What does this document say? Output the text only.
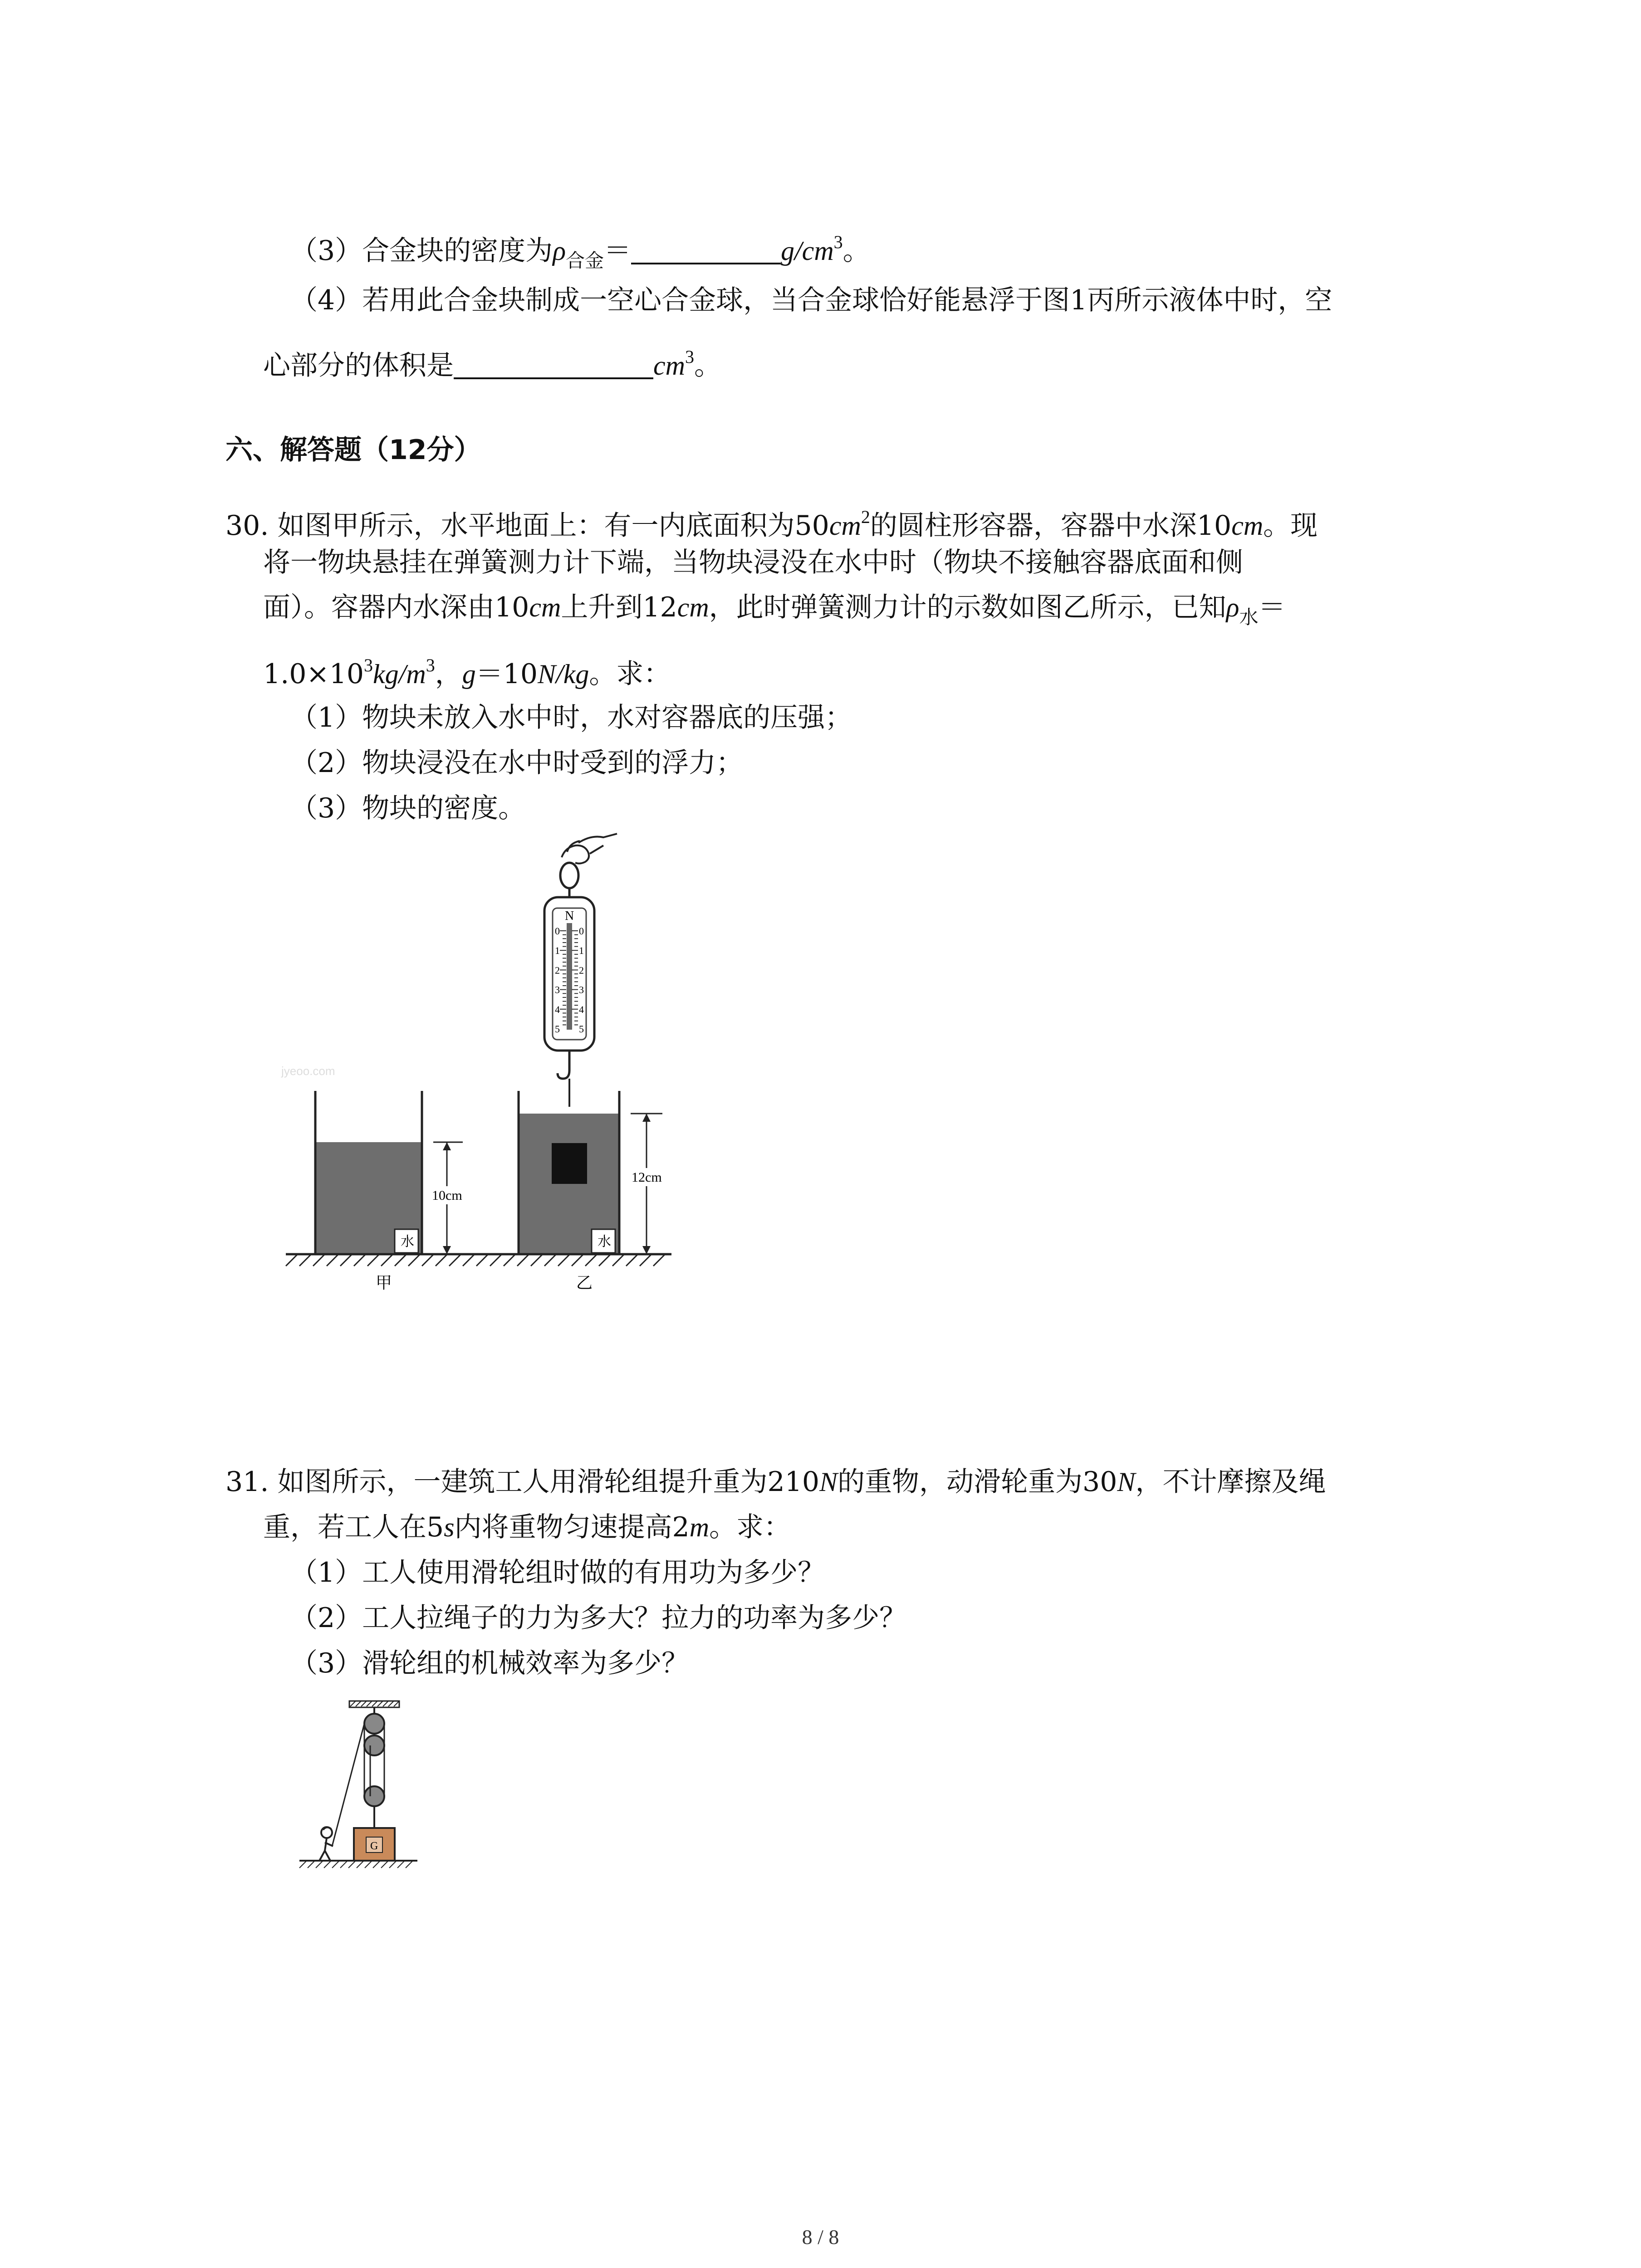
（3）合金块的密度为$\rho_{合金}=$	$g/cm^3$。
（4）若用此合金块制成一空心合金球，当合金球恰好能悬浮于图1丙所示液体中时，空
心部分的体积是	$cm^3$。
六、解答题（12分）
30. 如图甲所示，水平地面上：有一内底面积为$50cm^2$的圆柱形容器，容器中水深10cm。现
将一物块悬挂在弹簧测力计下端，当物块浸没在水中时（物块不接触容器底面和侧
面）。容器内水深由10cm上升到12cm，此时弹簧测力计的示数如图乙所示，已知$\rho_水=$
$1.0\times 10^3kg/m^3$，g＝10N/kg。求：
（1）物块未放入水中时，水对容器底的压强；
（2）物块浸没在水中时受到的浮力；
（3）物块的密度。
jyeoo.com
N
0 0
1 1
2 2
3 3
4 4
5 5
水
10cm
水
12cm
甲	乙
31. 如图所示，一建筑工人用滑轮组提升重为210N的重物，动滑轮重为30N，不计摩擦及绳
重，若工人在5s内将重物匀速提高2m。求：
（1）工人使用滑轮组时做的有用功为多少？
（2）工人拉绳子的力为多大？拉力的功率为多少？
（3）滑轮组的机械效率为多少？
G
8 / 8
